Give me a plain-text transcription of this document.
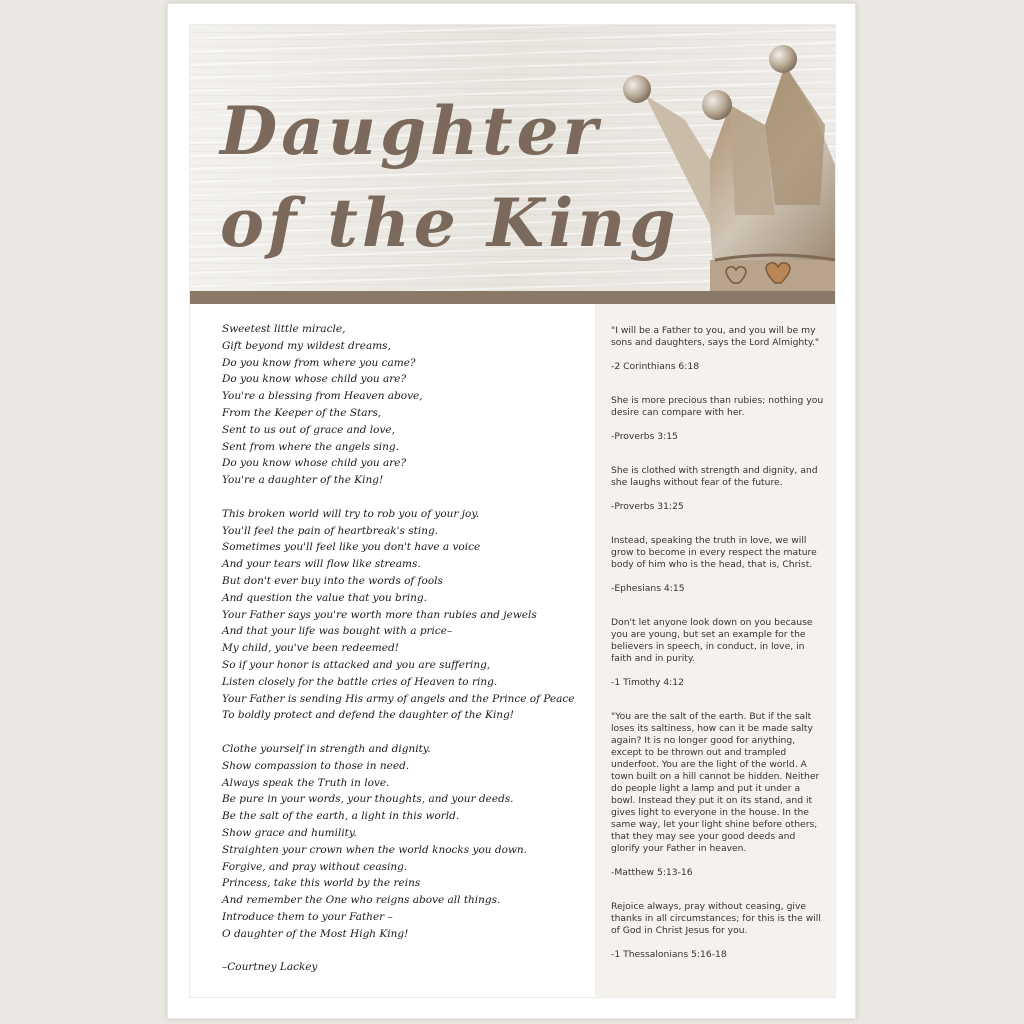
Daughter
of the King
Sweetest little miracle,
Gift beyond my wildest dreams,
Do you know from where you came?
Do you know whose child you are?
You're a blessing from Heaven above,
From the Keeper of the Stars,
Sent to us out of grace and love,
Sent from where the angels sing.
Do you know whose child you are?
You're a daughter of the King!
This broken world will try to rob you of your joy.
You'll feel the pain of heartbreak's sting.
Sometimes you'll feel like you don't have a voice
And your tears will flow like streams.
But don't ever buy into the words of fools
And question the value that you bring.
Your Father says you're worth more than rubies and jewels
And that your life was bought with a price–
My child, you've been redeemed!
So if your honor is attacked and you are suffering,
Listen closely for the battle cries of Heaven to ring.
Your Father is sending His army of angels and the Prince of Peace
To boldly protect and defend the daughter of the King!
Clothe yourself in strength and dignity.
Show compassion to those in need.
Always speak the Truth in love.
Be pure in your words, your thoughts, and your deeds.
Be the salt of the earth, a light in this world.
Show grace and humility.
Straighten your crown when the world knocks you down.
Forgive, and pray without ceasing.
Princess, take this world by the reins
And remember the One who reigns above all things.
Introduce them to your Father –
O daughter of the Most High King!
–Courtney Lackey
"I will be a Father to you, and you will be my sons and daughters, says the Lord Almighty."
-2 Corinthians 6:18
She is more precious than rubies; nothing you desire can compare with her.
-Proverbs 3:15
She is clothed with strength and dignity, and she laughs without fear of the future.
-Proverbs 31:25
Instead, speaking the truth in love, we will grow to become in every respect the mature body of him who is the head, that is, Christ.
-Ephesians 4:15
Don't let anyone look down on you because you are young, but set an example for the believers in speech, in conduct, in love, in faith and in purity.
-1 Timothy 4:12
"You are the salt of the earth. But if the salt loses its saltiness, how can it be made salty again? It is no longer good for anything, except to be thrown out and trampled underfoot. You are the light of the world. A town built on a hill cannot be hidden. Neither do people light a lamp and put it under a bowl. Instead they put it on its stand, and it gives light to everyone in the house. In the same way, let your light shine before others, that they may see your good deeds and glorify your Father in heaven.
-Matthew 5:13-16
Rejoice always, pray without ceasing, give thanks in all circumstances; for this is the will of God in Christ Jesus for you.
-1 Thessalonians 5:16-18
